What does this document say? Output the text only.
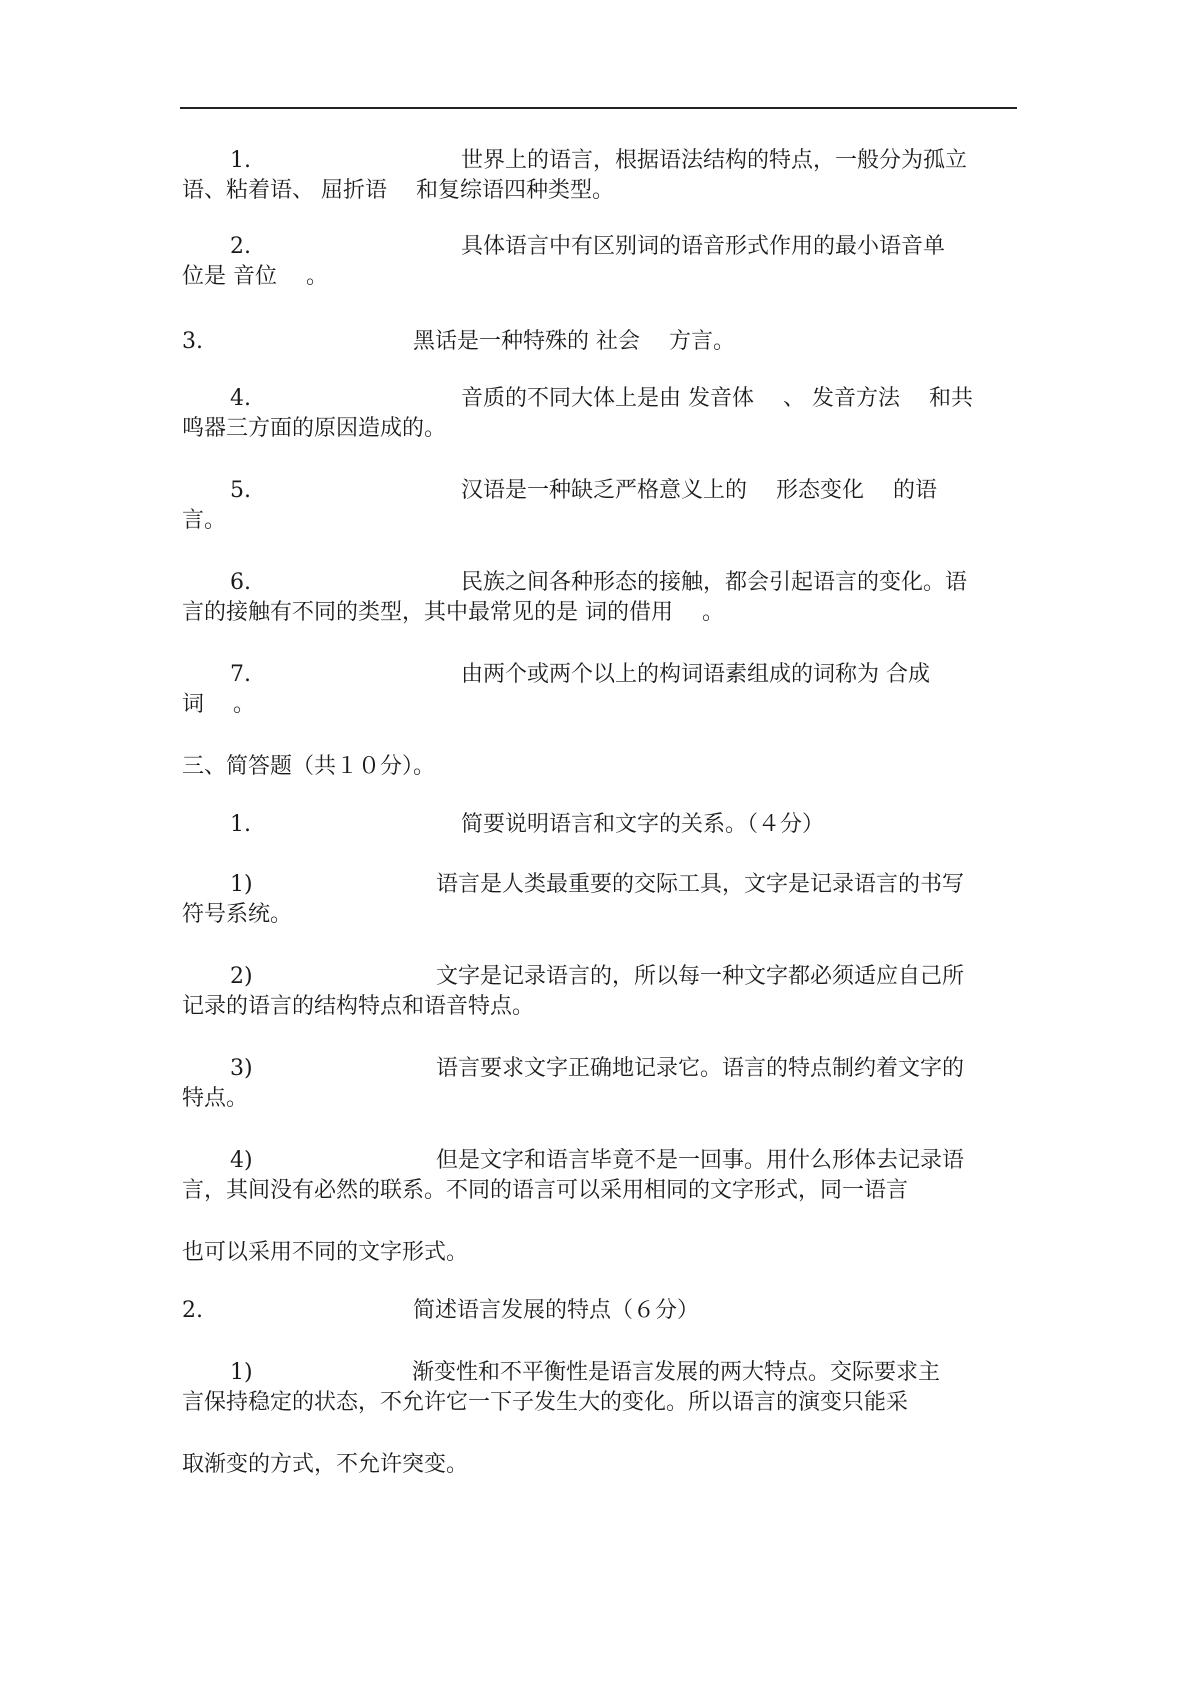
1.	世界上的语言，根据语法结构的特点，一般分为孤立
语、粘着语、 屈折语　 和复综语四种类型。
2.	具体语言中有区别词的语音形式作用的最小语音单
位是 音位　 。
3.	黑话是一种特殊的 社会　 方言。
4.	音质的不同大体上是由 发音体　 、 发音方法　 和共
鸣器三方面的原因造成的。
5.	汉语是一种缺乏严格意义上的　 形态变化　 的语
言。
6.	民族之间各种形态的接触，都会引起语言的变化。语
言的接触有不同的类型，其中最常见的是 词的借用　 。
7.	由两个或两个以上的构词语素组成的词称为 合成
词　 。
三、简答题（共１０分）。
1.	简要说明语言和文字的关系。（４分）
1)	语言是人类最重要的交际工具，文字是记录语言的书写
符号系统。
2)	文字是记录语言的，所以每一种文字都必须适应自己所
记录的语言的结构特点和语音特点。
3)	语言要求文字正确地记录它。语言的特点制约着文字的
特点。
4)	但是文字和语言毕竟不是一回事。用什么形体去记录语
言，其间没有必然的联系。不同的语言可以采用相同的文字形式，同一语言
也可以采用不同的文字形式。
2.	简述语言发展的特点（６分）
1)	渐变性和不平衡性是语言发展的两大特点。交际要求主
言保持稳定的状态，不允许它一下子发生大的变化。所以语言的演变只能采
取渐变的方式，不允许突变。
